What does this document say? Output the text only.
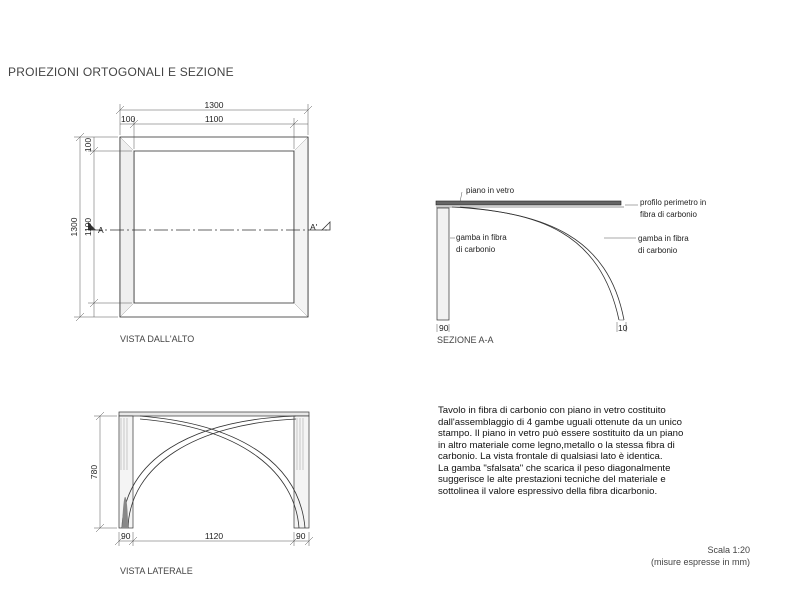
PROIEZIONI ORTOGONALI E SEZIONE
A	A'
1300
1100
100
1300 1100
100
VISTA DALL'ALTO
piano in vetro
profilo perimetro in fibra di carbonio
gamba in fibra di carbonio
gamba in fibra di carbonio
90	10
SEZIONE A-A
780
90	1120	90
VISTA LATERALE
Tavolo in fibra di carbonio con piano in vetro costituito
dall'assemblaggio di 4 gambe uguali ottenute da un unico
stampo. Il piano in vetro può essere sostituito da un piano
in altro materiale come legno,metallo o la stessa fibra di
carbonio. La vista frontale di qualsiasi lato è identica.
La gamba "sfalsata" che scarica il peso diagonalmente
suggerisce le alte prestazioni tecniche del materiale e
sottolinea il valore espressivo della fibra dicarbonio.
Scala 1:20
(misure espresse in mm)
